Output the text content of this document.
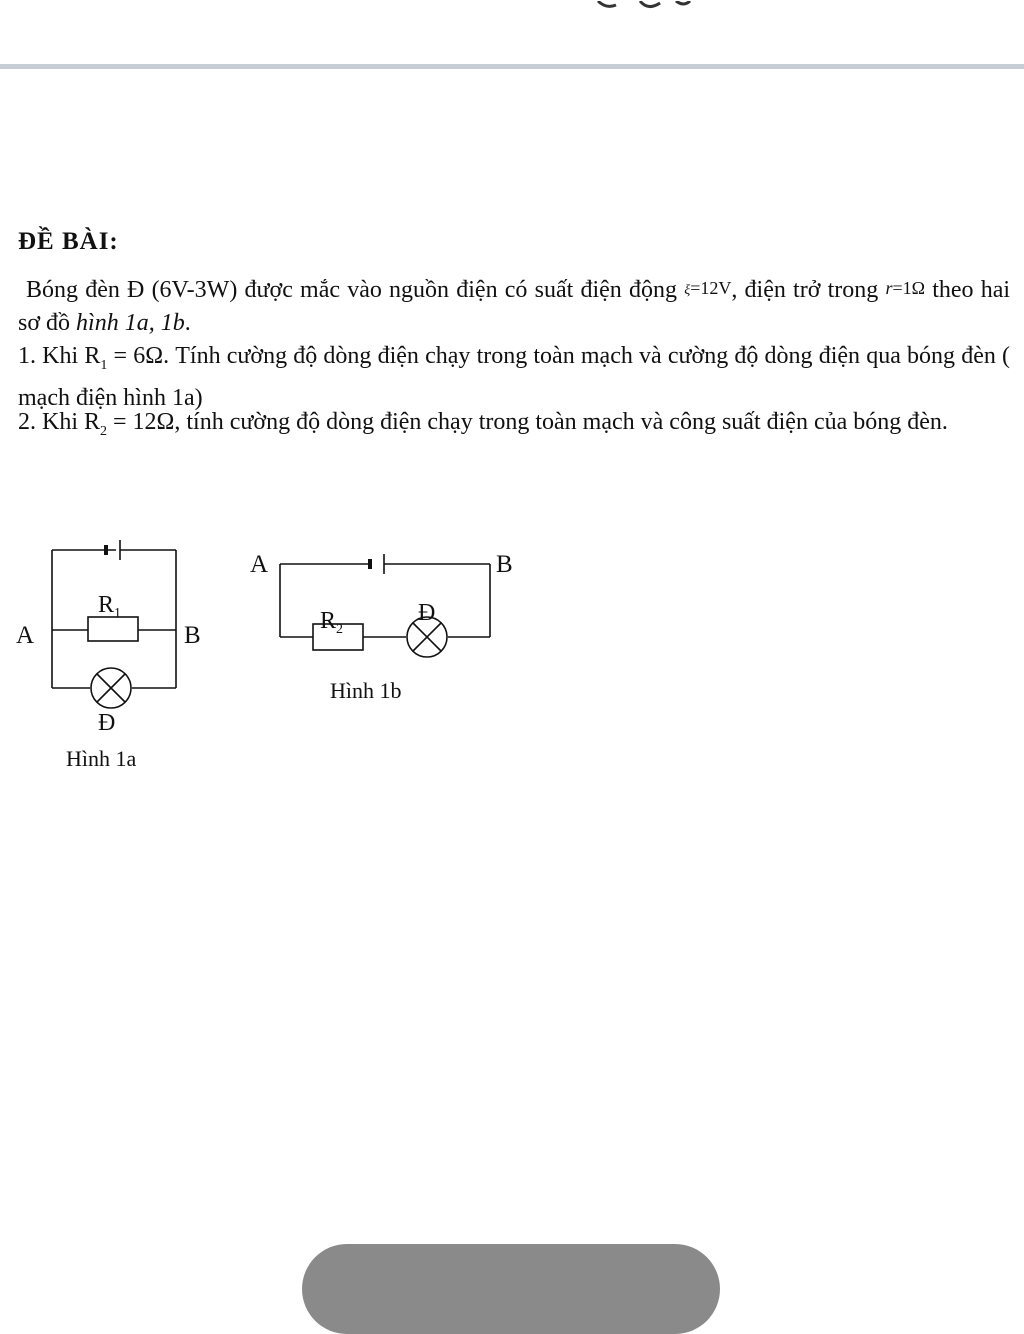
ĐỀ BÀI:
Bóng đèn Đ (6V-3W) được mắc vào nguồn điện có suất điện động ξ=12V, điện trở trong r=1Ω theo hai sơ đồ hình 1a, 1b.
1. Khi $R_1 = 6\Omega$. Tính cường độ dòng điện chạy trong toàn mạch và cường độ dòng điện qua bóng đèn ( mạch điện hình 1a)
2. Khi $R_2 = 12\Omega$, tính cường độ dòng điện chạy trong toàn mạch và công suất điện của bóng đèn.
A	B
$R_1$
Đ
Hình 1a
A	B
$R_2$
Đ
Hình 1b
